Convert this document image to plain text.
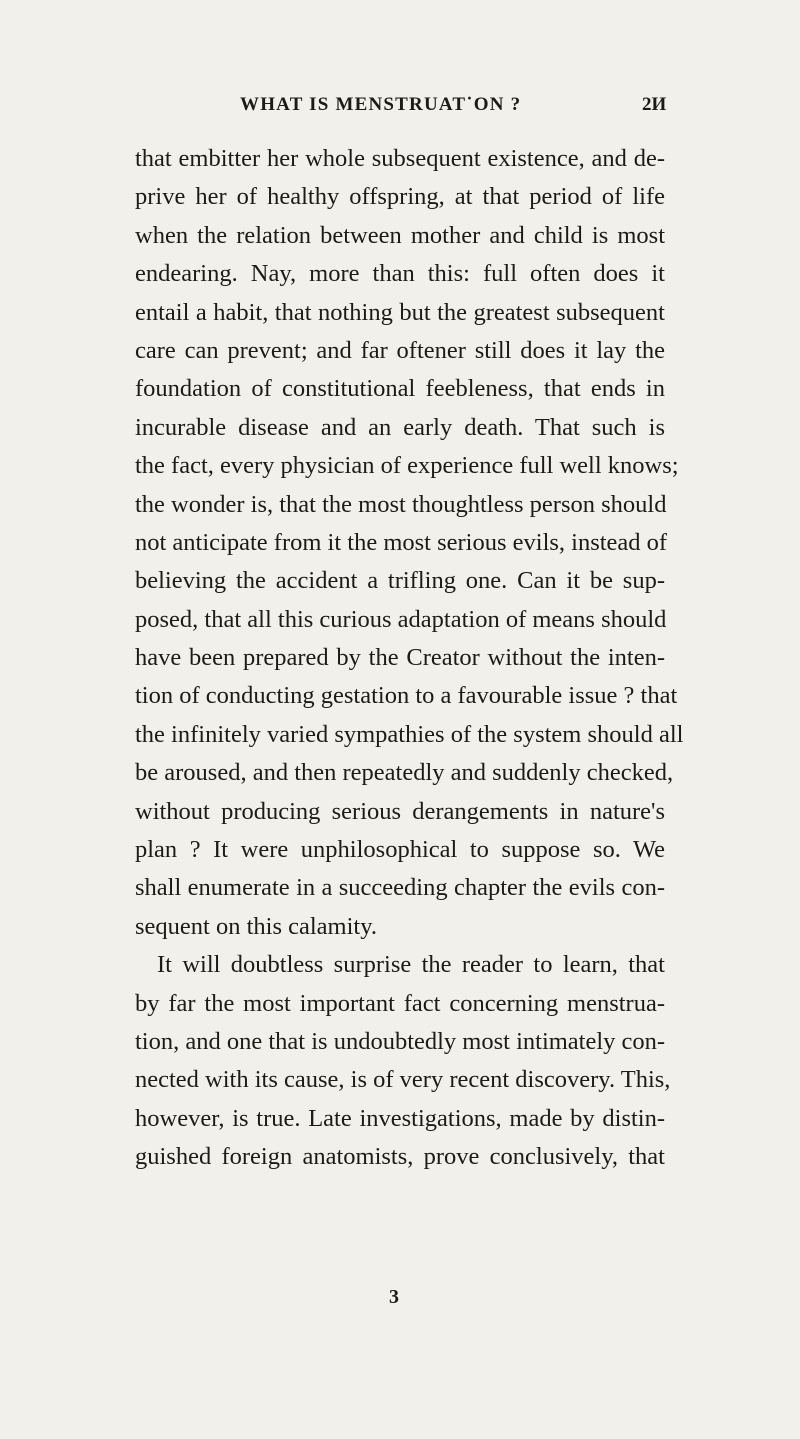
WHAT IS MENSTRUAT˙ON ?	2И
that embitter her whole subsequent existence, and de-
prive her of healthy offspring, at that period of life
when the relation between mother and child is most
endearing. Nay, more than this: full often does it
entail a habit, that nothing but the greatest subsequent
care can prevent; and far oftener still does it lay the
foundation of constitutional feebleness, that ends in
incurable disease and an early death. That such is
the fact, every physician of experience full well knows;
the wonder is, that the most thoughtless person should
not anticipate from it the most serious evils, instead of
believing the accident a trifling one. Can it be sup-
posed, that all this curious adaptation of means should
have been prepared by the Creator without the inten-
tion of conducting gestation to a favourable issue ? that
the infinitely varied sympathies of the system should all
be aroused, and then repeatedly and suddenly checked,
without producing serious derangements in nature's
plan ? It were unphilosophical to suppose so. We
shall enumerate in a succeeding chapter the evils con-
sequent on this calamity.
It will doubtless surprise the reader to learn, that
by far the most important fact concerning menstrua-
tion, and one that is undoubtedly most intimately con-
nected with its cause, is of very recent discovery. This,
however, is true. Late investigations, made by distin-
guished foreign anatomists, prove conclusively, that
3
